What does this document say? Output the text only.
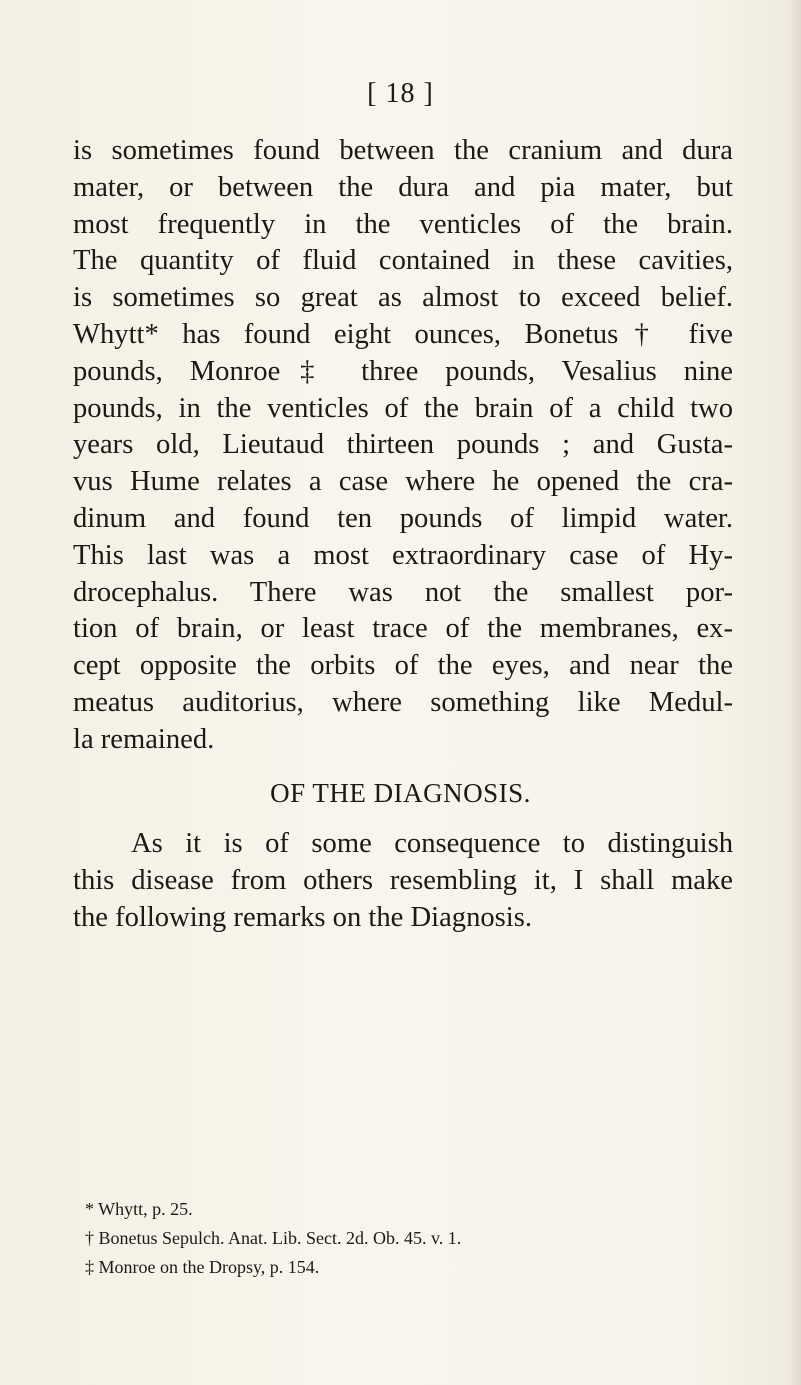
[ 18 ]
is sometimes found between the cranium and dura
mater, or between the dura and pia mater, but
most frequently in the venticles of the brain.
The quantity of fluid contained in these cavities,
is sometimes so great as almost to exceed belief.
Whytt* has found eight ounces, Bonetus† five
pounds, Monroe‡ three pounds, Vesalius nine
pounds, in the venticles of the brain of a child two
years old, Lieutaud thirteen pounds ; and Gusta-
vus Hume relates a case where he opened the cra-
dinum and found ten pounds of limpid water.
This last was a most extraordinary case of Hy-
drocephalus. There was not the smallest por-
tion of brain, or least trace of the membranes, ex-
cept opposite the orbits of the eyes, and near the
meatus auditorius, where something like Medul-
la remained.
OF THE DIAGNOSIS.
As it is of some consequence to distinguish
this disease from others resembling it, I shall make
the following remarks on the Diagnosis.
* Whytt, p. 25.
† Bonetus Sepulch. Anat. Lib. Sect. 2d. Ob. 45. v. 1.
‡ Monroe on the Dropsy, p. 154.
